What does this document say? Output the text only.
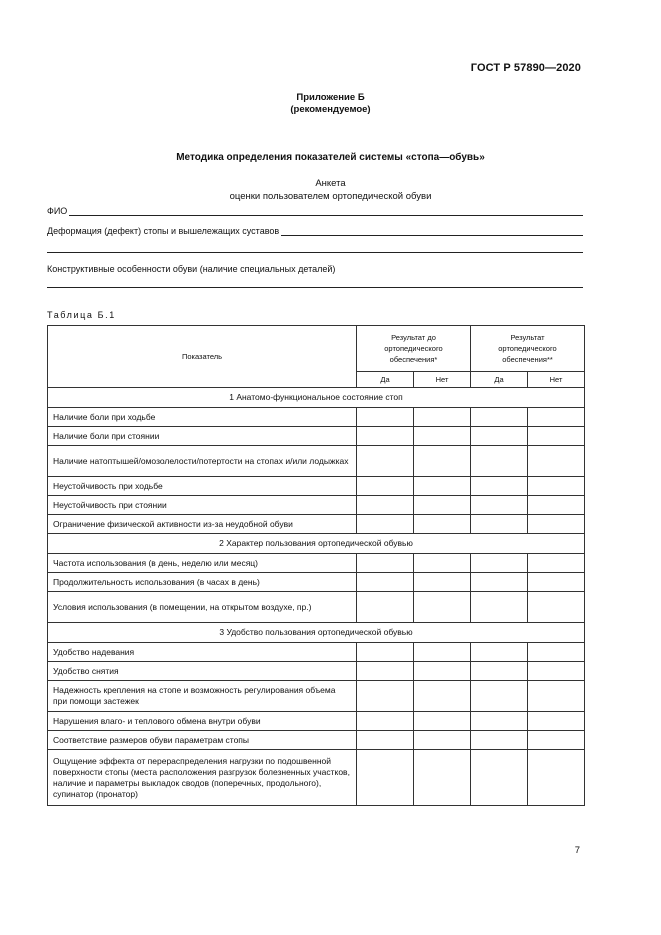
ГОСТ Р 57890—2020
Приложение Б
(рекомендуемое)
Методика определения показателей системы «стопа—обувь»
Анкета
оценки пользователем ортопедической обуви
ФИО
Деформация (дефект) стопы и вышележащих суставов
Конструктивные особенности обуви (наличие специальных деталей)
Таблица Б.1
Показатель	Результат до ортопедического обеспечения*		Результат ортопедического обеспечения**	

	Да	Нет	Да	Нет
1 Анатомо-функциональное состояние стоп				
Наличие боли при ходьбе				
Наличие боли при стоянии				
Наличие натоптышей/омозолелости/потертости на стопах и/или лодыжках				
Неустойчивость при ходьбе				
Неустойчивость при стоянии				
Ограничение физической активности из-за неудобной обуви				
2 Характер пользования ортопедической обувью				
Частота использования (в день, неделю или месяц)				
Продолжительность использования (в часах в день)				
Условия использования (в помещении, на открытом воздухе, пр.)				
3 Удобство пользования ортопедической обувью				
Удобство надевания				
Удобство снятия				
Надежность крепления на стопе и возможность регулирования объема при помощи застежек				
Нарушения влаго- и теплового обмена внутри обуви				
Соответствие размеров обуви параметрам стопы				
Ощущение эффекта от перераспределения нагрузки по подошвенной поверхности стопы (места расположения разгрузок болезненных участков, наличие и параметры выкладок сводов (поперечных, продольного), супинатор (пронатор)				
7
